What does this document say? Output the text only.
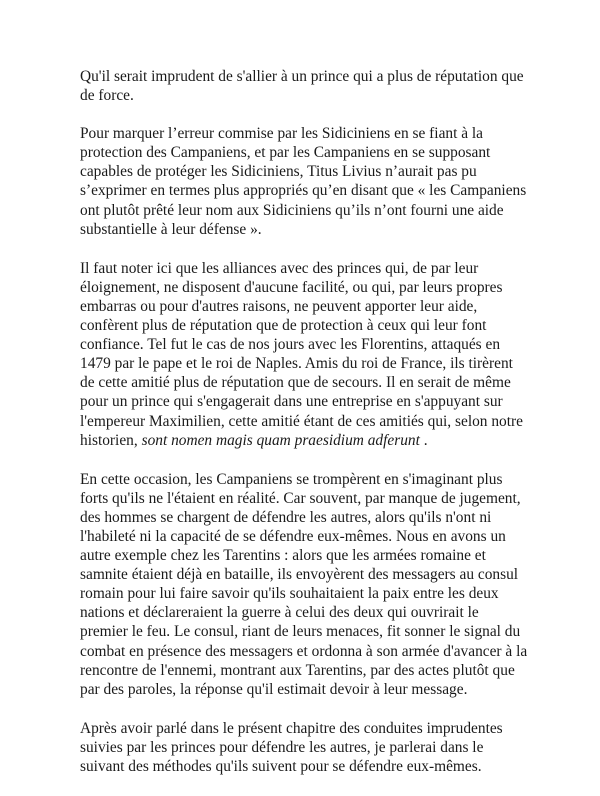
Qu'il serait imprudent de s'allier à un prince qui a plus de réputation que de force.

Pour marquer l’erreur commise par les Sidiciniens en se fiant à la protection des Campaniens, et par les Campaniens en se supposant capables de protéger les Sidiciniens, Titus Livius n’aurait pas pu s’exprimer en termes plus appropriés qu’en disant que « les Campaniens ont plutôt prêté leur nom aux Sidiciniens qu’ils n’ont fourni une aide substantielle à leur défense ».

Il faut noter ici que les alliances avec des princes qui, de par leur éloignement, ne disposent d'aucune facilité, ou qui, par leurs propres embarras ou pour d'autres raisons, ne peuvent apporter leur aide, confèrent plus de réputation que de protection à ceux qui leur font confiance. Tel fut le cas de nos jours avec les Florentins, attaqués en 1479 par le pape et le roi de Naples. Amis du roi de France, ils tirèrent de cette amitié plus de réputation que de secours. Il en serait de même pour un prince qui s'engagerait dans une entreprise en s'appuyant sur l'empereur Maximilien, cette amitié étant de ces amitiés qui, selon notre historien, sont nomen magis quam praesidium adferunt .

En cette occasion, les Campaniens se trompèrent en s'imaginant plus forts qu'ils ne l'étaient en réalité. Car souvent, par manque de jugement, des hommes se chargent de défendre les autres, alors qu'ils n'ont ni l'habileté ni la capacité de se défendre eux-mêmes. Nous en avons un autre exemple chez les Tarentins : alors que les armées romaine et samnite étaient déjà en bataille, ils envoyèrent des messagers au consul romain pour lui faire savoir qu'ils souhaitaient la paix entre les deux nations et déclareraient la guerre à celui des deux qui ouvrirait le premier le feu. Le consul, riant de leurs menaces, fit sonner le signal du combat en présence des messagers et ordonna à son armée d'avancer à la rencontre de l'ennemi, montrant aux Tarentins, par des actes plutôt que par des paroles, la réponse qu'il estimait devoir à leur message.

Après avoir parlé dans le présent chapitre des conduites imprudentes suivies par les princes pour défendre les autres, je parlerai dans le suivant des méthodes qu'ils suivent pour se défendre eux-mêmes.
